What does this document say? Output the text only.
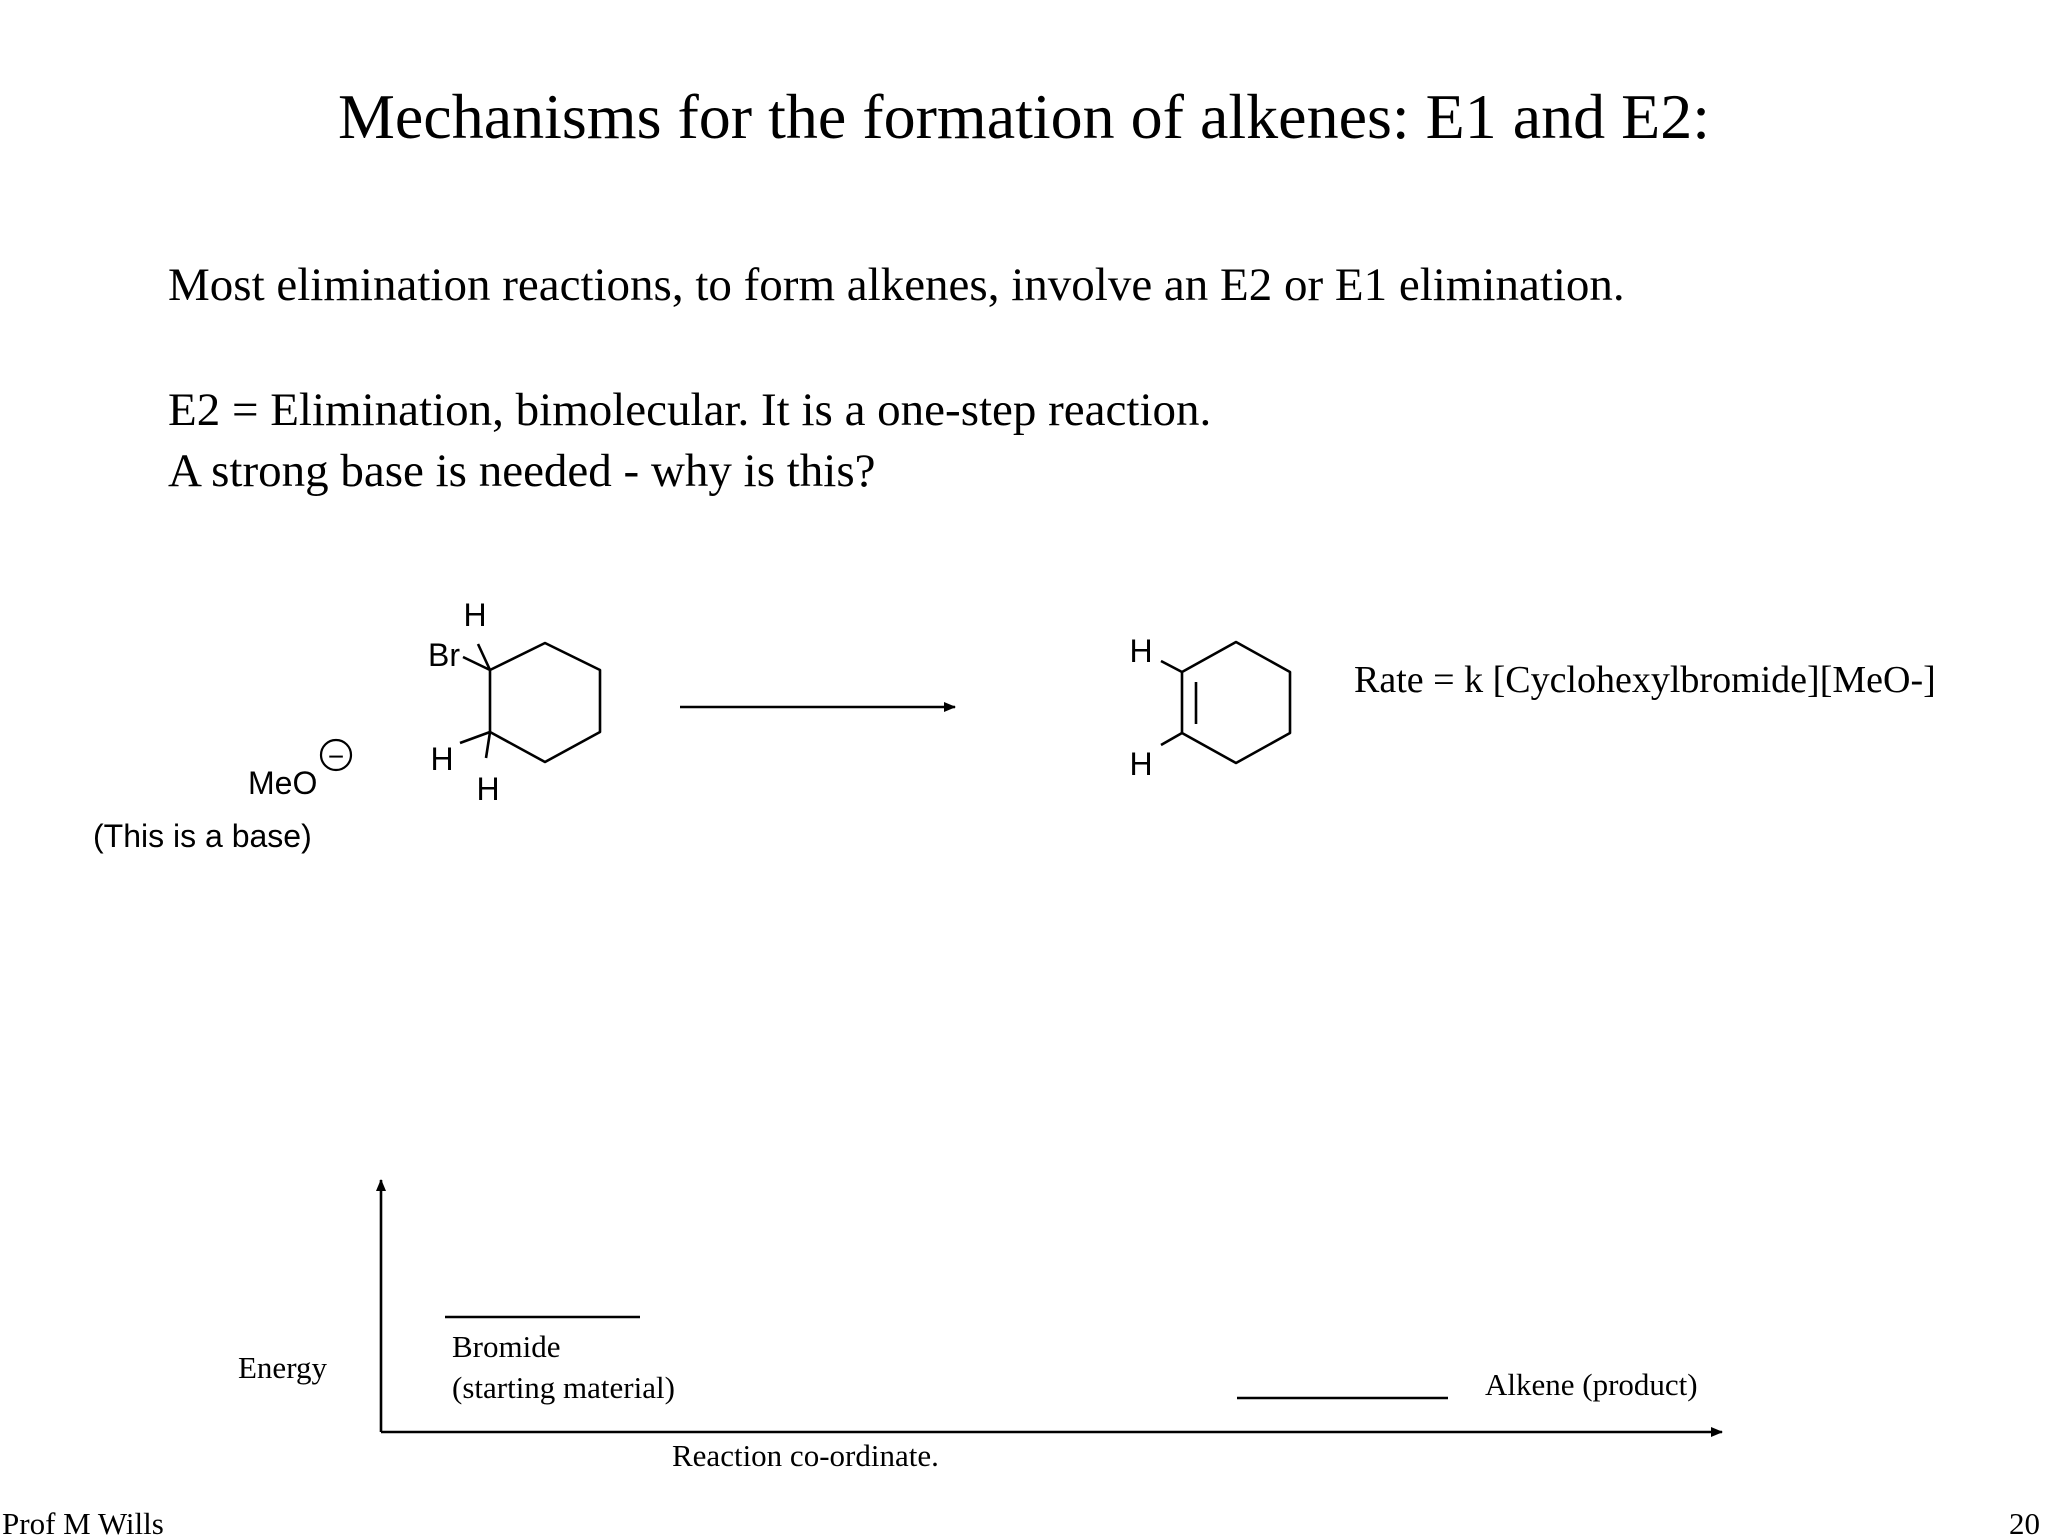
Mechanisms for the formation of alkenes: E1 and E2:
Most elimination reactions, to form alkenes, involve an E2 or E1 elimination.
E2 = Elimination, bimolecular. It is a one-step reaction.
A strong base is needed - why is this?
MeO
−
(This is a base)
H
Br
H
H
H
H
Energy
Reaction co-ordinate.
Bromide
(starting material)	Alkene (product)
Prof M Wills	20
Rate = k [Cyclohexylbromide][MeO-]
